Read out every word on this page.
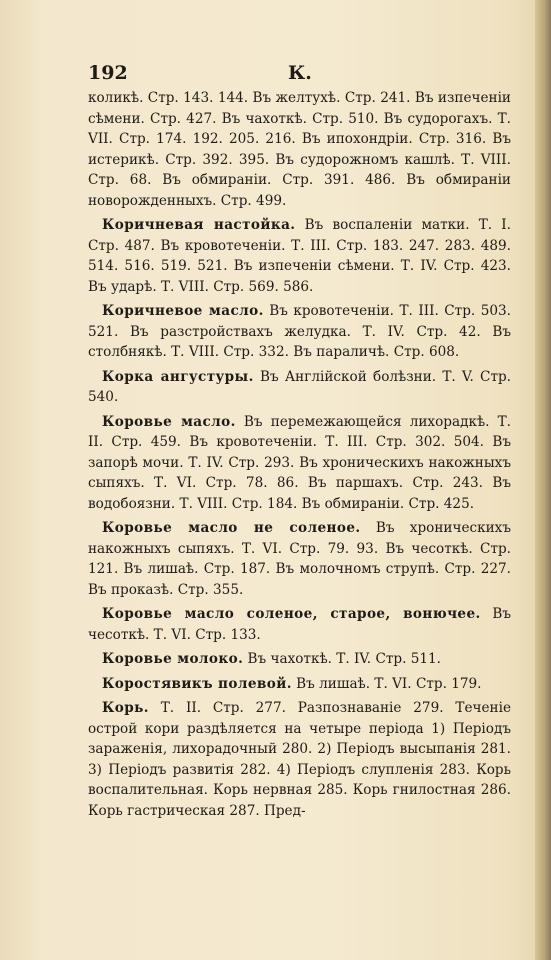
192	К.

коликѣ. Стр. 143. 144. Въ желтухѣ. Стр. 241. Въ изпеченіи сѣмени. Стр. 427. Въ чахоткѣ. Стр. 510. Въ судорогахъ. Т. VII. Стр. 174. 192. 205. 216. Въ ипохондріи. Стр. 316. Въ истерикѣ. Стр. 392. 395. Въ судорожномъ кашлѣ. Т. VIII. Стр. 68. Въ обмираніи. Стр. 391. 486. Въ обмираніи новорожденныхъ. Стр. 499.

Коричневая настойка. Въ воспаленіи матки. Т. I. Стр. 487. Въ кровотеченіи. Т. III. Стр. 183. 247. 283. 489. 514. 516. 519. 521. Въ изпеченіи сѣмени. Т. IV. Стр. 423. Въ ударѣ. Т. VIII. Стр. 569. 586.

Коричневое масло. Въ кровотеченіи. Т. III. Стр. 503. 521. Въ разстройствахъ желудка. Т. IV. Стр. 42. Въ столбнякѣ. Т. VIII. Стр. 332. Въ параличѣ. Стр. 608.

Корка ангустуры. Въ Англійской болѣзни. Т. V. Стр. 540.

Коровье масло. Въ перемежающейся лихорадкѣ. Т. II. Стр. 459. Въ кровотеченіи. Т. III. Стр. 302. 504. Въ запорѣ мочи. Т. IV. Стр. 293. Въ хроническихъ накожныхъ сыпяхъ. Т. VI. Стр. 78. 86. Въ паршахъ. Стр. 243. Въ водобоязни. Т. VIII. Стр. 184. Въ обмираніи. Стр. 425.

Коровье масло не соленое. Въ хроническихъ накожныхъ сыпяхъ. Т. VI. Стр. 79. 93. Въ чесоткѣ. Стр. 121. Въ лишаѣ. Стр. 187. Въ молочномъ струпѣ. Стр. 227. Въ проказѣ. Стр. 355.

Коровье масло соленое, старое, вонючее. Въ чесоткѣ. Т. VI. Стр. 133.

Коровье молоко. Въ чахоткѣ. Т. IV. Стр. 511.

Коростявикъ полевой. Въ лишаѣ. Т. VI. Стр. 179.

Корь. Т. II. Стр. 277. Разпознаваніе 279. Теченіе острой кори раздѣляется на четыре періода 1) Періодъ зараженія, лихорадочный 280. 2) Періодъ высыпанія 281. 3) Періодъ развитія 282. 4) Періодъ слупленія 283. Корь воспалительная. Корь нервная 285. Корь гнилостная 286. Корь гастрическая 287. Пред-
